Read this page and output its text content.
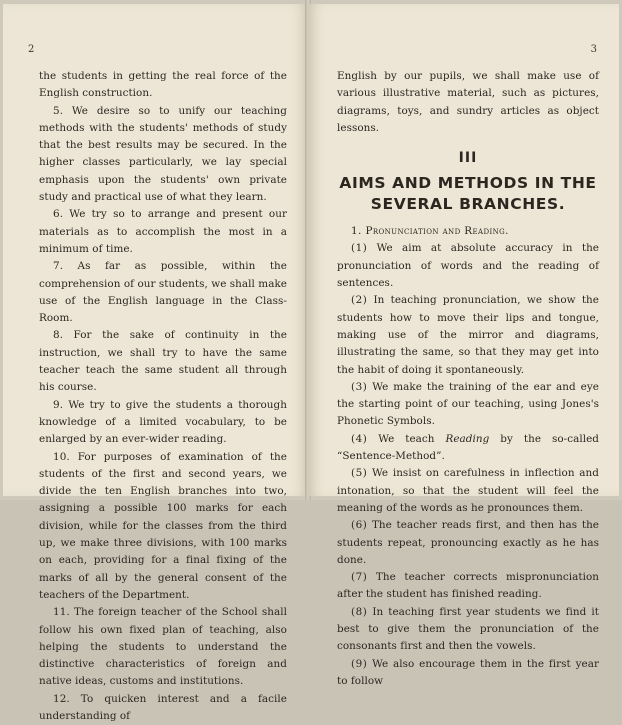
2

the students in getting the real force of the English construction.

5. We desire so to unify our teaching methods with the students' methods of study that the best results may be secured. In the higher classes particularly, we lay special emphasis upon the students' own private study and practical use of what they learn.

6. We try so to arrange and present our materials as to accomplish the most in a minimum of time.

7. As far as possible, within the comprehension of our students, we shall make use of the English language in the Class-Room.

8. For the sake of continuity in the instruction, we shall try to have the same teacher teach the same student all through his course.

9. We try to give the students a thorough knowledge of a limited vocabulary, to be enlarged by an ever-wider reading.

10. For purposes of examination of the students of the first and second years, we divide the ten English branches into two, assigning a possible 100 marks for each division, while for the classes from the third up, we make three divisions, with 100 marks on each, providing for a final fixing of the marks of all by the general consent of the teachers of the Department.

11. The foreign teacher of the School shall follow his own fixed plan of teaching, also helping the students to understand the distinctive characteristics of foreign and native ideas, customs and institutions.

12. To quicken interest and a facile understanding of

3

English by our pupils, we shall make use of various illustrative material, such as pictures, diagrams, toys, and sundry articles as object lessons.

III
AIMS AND METHODS IN THE
SEVERAL BRANCHES.

1. Pronunciation and Reading.

(1) We aim at absolute accuracy in the pronunciation of words and the reading of sentences.

(2) In teaching pronunciation, we show the students how to move their lips and tongue, making use of the mirror and diagrams, illustrating the same, so that they may get into the habit of doing it spontaneously.

(3) We make the training of the ear and eye the starting point of our teaching, using Jones's Phonetic Symbols.

(4) We teach Reading by the so-called “Sentence-Method”.

(5) We insist on carefulness in inflection and intonation, so that the student will feel the meaning of the words as he pronounces them.

(6) The teacher reads first, and then has the students repeat, pronouncing exactly as he has done.

(7) The teacher corrects mispronunciation after the student has finished reading.

(8) In teaching first year students we find it best to give them the pronunciation of the consonants first and then the vowels.

(9) We also encourage them in the first year to follow
